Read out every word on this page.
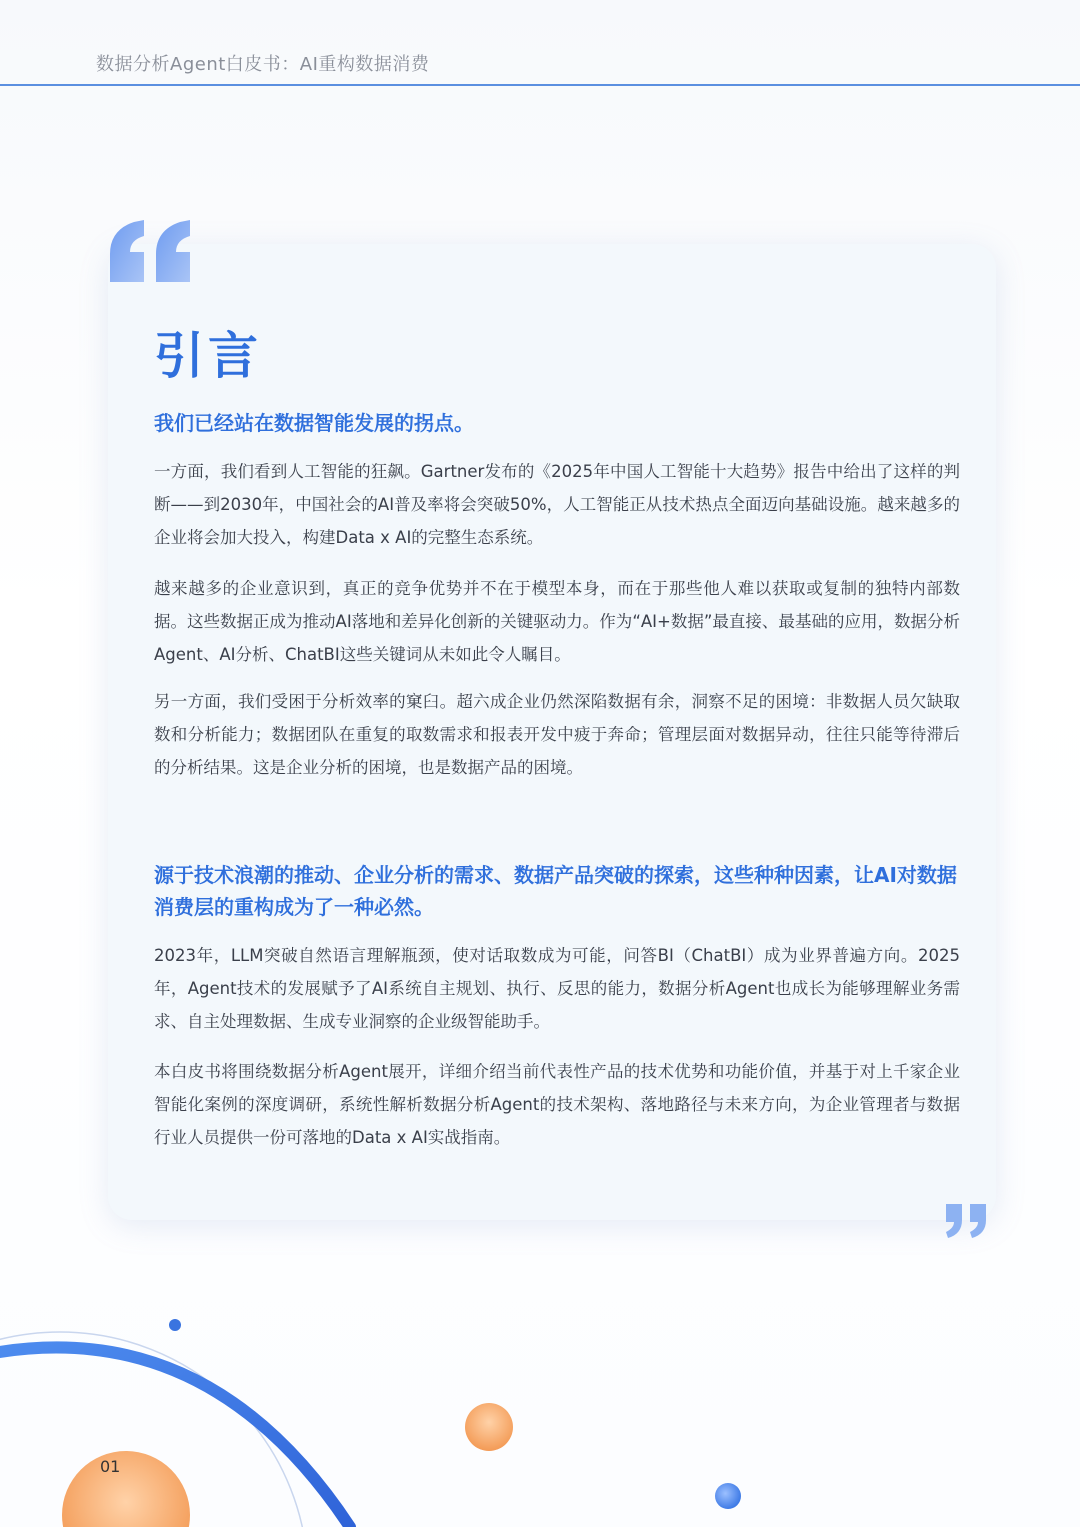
数据分析Agent白皮书：AI重构数据消费
引言
我们已经站在数据智能发展的拐点。
一方面，我们看到人工智能的狂飙。Gartner发布的《2025年中国人工智能十大趋势》报告中给出了这样的判断——到2030年，中国社会的AI普及率将会突破50%，人工智能正从技术热点全面迈向基础设施。越来越多的企业将会加大投入，构建Data x AI的完整生态系统。
越来越多的企业意识到，真正的竞争优势并不在于模型本身，而在于那些他人难以获取或复制的独特内部数据。这些数据正成为推动AI落地和差异化创新的关键驱动力。作为“AI+数据”最直接、最基础的应用，数据分析Agent、AI分析、ChatBI这些关键词从未如此令人瞩目。
另一方面，我们受困于分析效率的窠臼。超六成企业仍然深陷数据有余，洞察不足的困境：非数据人员欠缺取数和分析能力；数据团队在重复的取数需求和报表开发中疲于奔命；管理层面对数据异动，往往只能等待滞后的分析结果。这是企业分析的困境，也是数据产品的困境。
源于技术浪潮的推动、企业分析的需求、数据产品突破的探索，这些种种因素，让AI对数据消费层的重构成为了一种必然。
2023年，LLM突破自然语言理解瓶颈，使对话取数成为可能，问答BI（ChatBI）成为业界普遍方向。2025年，Agent技术的发展赋予了AI系统自主规划、执行、反思的能力，数据分析Agent也成长为能够理解业务需求、自主处理数据、生成专业洞察的企业级智能助手。
本白皮书将围绕数据分析Agent展开，详细介绍当前代表性产品的技术优势和功能价值，并基于对上千家企业智能化案例的深度调研，系统性解析数据分析Agent的技术架构、落地路径与未来方向，为企业管理者与数据行业人员提供一份可落地的Data x AI实战指南。
01
